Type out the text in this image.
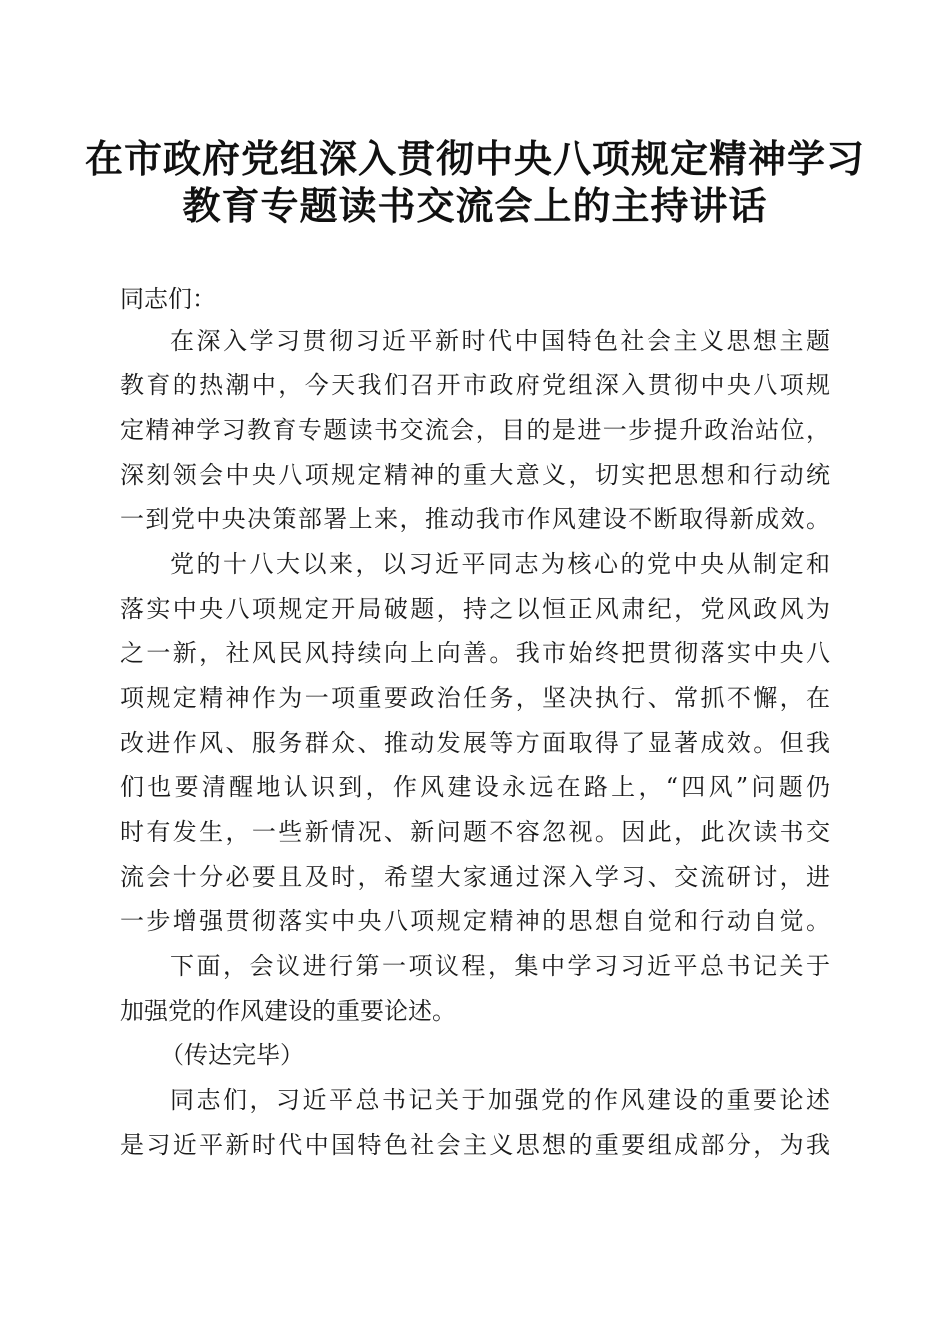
在市政府党组深入贯彻中央八项规定精神学习
教育专题读书交流会上的主持讲话
同志们：
在深入学习贯彻习近平新时代中国特色社会主义思想主题
教育的热潮中，今天我们召开市政府党组深入贯彻中央八项规
定精神学习教育专题读书交流会，目的是进一步提升政治站位，
深刻领会中央八项规定精神的重大意义，切实把思想和行动统
一到党中央决策部署上来，推动我市作风建设不断取得新成效。
党的十八大以来，以习近平同志为核心的党中央从制定和
落实中央八项规定开局破题，持之以恒正风肃纪，党风政风为
之一新，社风民风持续向上向善。我市始终把贯彻落实中央八
项规定精神作为一项重要政治任务，坚决执行、常抓不懈，在
改进作风、服务群众、推动发展等方面取得了显著成效。但我
们也要清醒地认识到，作风建设永远在路上，“四风”问题仍
时有发生，一些新情况、新问题不容忽视。因此，此次读书交
流会十分必要且及时，希望大家通过深入学习、交流研讨，进
一步增强贯彻落实中央八项规定精神的思想自觉和行动自觉。
下面，会议进行第一项议程，集中学习习近平总书记关于
加强党的作风建设的重要论述。
（传达完毕）
同志们，习近平总书记关于加强党的作风建设的重要论述
是习近平新时代中国特色社会主义思想的重要组成部分，为我
